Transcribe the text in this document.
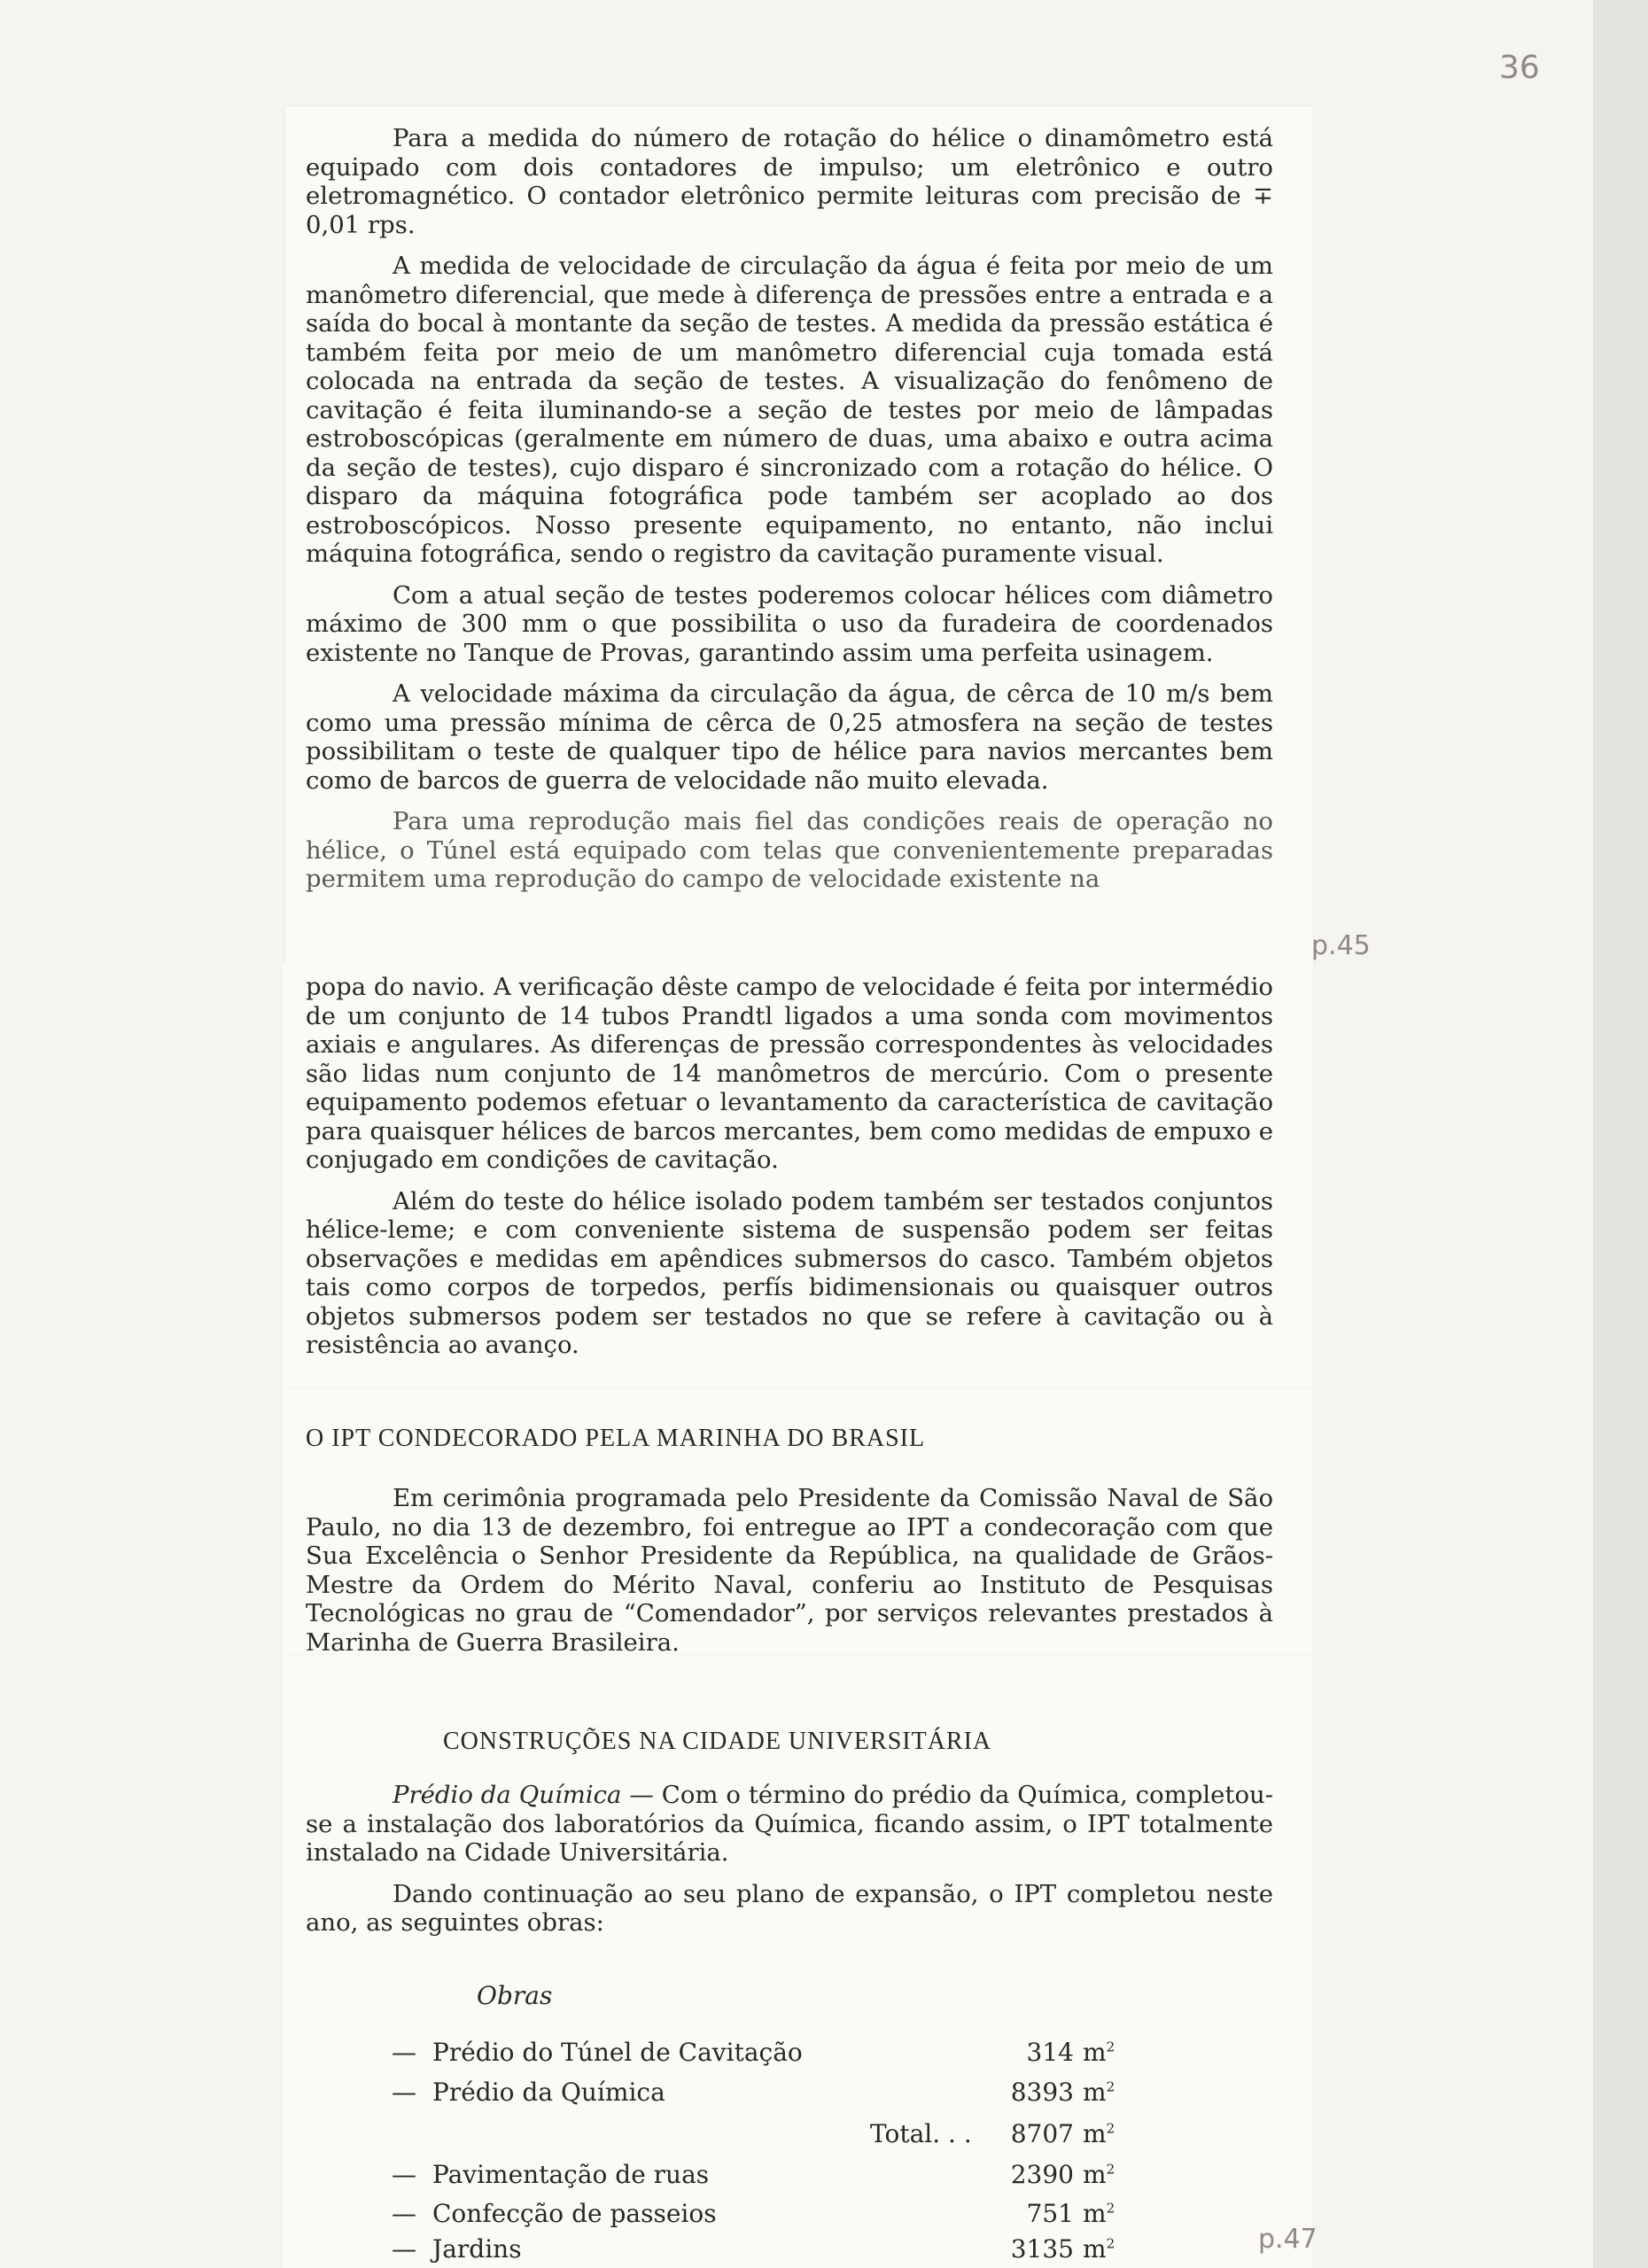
36
p.45
p.47

Para a medida do número de rotação do hélice o dinamômetro está equipado com dois contadores de impulso; um eletrônico e outro eletromagnético. O contador eletrônico permite leituras com precisão de ∓ 0,01 rps.

A medida de velocidade de circulação da água é feita por meio de um manômetro diferencial, que mede à diferença de pressões entre a entrada e a saída do bocal à montante da seção de testes. A medida da pressão estática é também feita por meio de um manômetro diferencial cuja tomada está colocada na entrada da seção de testes. A visualização do fenômeno de cavitação é feita iluminando-se a seção de testes por meio de lâmpadas estroboscópicas (geralmente em número de duas, uma abaixo e outra acima da seção de testes), cujo disparo é sincronizado com a rotação do hélice. O disparo da máquina fotográfica pode também ser acoplado ao dos estroboscópicos. Nosso presente equipamento, no entanto, não inclui máquina fotográfica, sendo o registro da cavitação puramente visual.

Com a atual seção de testes poderemos colocar hélices com diâmetro máximo de 300 mm o que possibilita o uso da furadeira de coordenados existente no Tanque de Provas, garantindo assim uma perfeita usinagem.

A velocidade máxima da circulação da água, de cêrca de 10 m/s bem como uma pressão mínima de cêrca de 0,25 atmosfera na seção de testes possibilitam o teste de qualquer tipo de hélice para navios mercantes bem como de barcos de guerra de velocidade não muito elevada.

Para uma reprodução mais fiel das condições reais de operação no hélice, o Túnel está equipado com telas que convenientemente preparadas permitem uma reprodução do campo de velocidade existente na

popa do navio. A verificação dêste campo de velocidade é feita por intermédio de um conjunto de 14 tubos Prandtl ligados a uma sonda com movimentos axiais e angulares. As diferenças de pressão correspondentes às velocidades são lidas num conjunto de 14 manômetros de mercúrio. Com o presente equipamento podemos efetuar o levantamento da característica de cavitação para quaisquer hélices de barcos mercantes, bem como medidas de empuxo e conjugado em condições de cavitação.

Além do teste do hélice isolado podem também ser testados conjuntos hélice-leme; e com conveniente sistema de suspensão podem ser feitas observações e medidas em apêndices submersos do casco. Também objetos tais como corpos de torpedos, perfís bidimensionais ou quaisquer outros objetos submersos podem ser testados no que se refere à cavitação ou à resistência ao avanço.

O IPT CONDECORADO PELA MARINHA DO BRASIL

Em cerimônia programada pelo Presidente da Comissão Naval de São Paulo, no dia 13 de dezembro, foi entregue ao IPT a condecoração com que Sua Excelência o Senhor Presidente da República, na qualidade de Grãos-Mestre da Ordem do Mérito Naval, conferiu ao Instituto de Pesquisas Tecnológicas no grau de “Comendador”, por serviços relevantes prestados à Marinha de Guerra Brasileira.

CONSTRUÇÕES NA CIDADE UNIVERSITÁRIA

Prédio da Química — Com o término do prédio da Química, completou-se a instalação dos laboratórios da Química, ficando assim, o IPT totalmente instalado na Cidade Universitária.

Dando continuação ao seu plano de expansão, o IPT completou neste ano, as seguintes obras:

Obras
— Prédio do Túnel de Cavitação	314 $m^2$
— Prédio da Química	8393 $m^2$
Total. . . 8707 $m^2$
— Pavimentação de ruas	2390 $m^2$
— Confecção de passeios	751 $m^2$
— Jardins	3135 $m^2$
